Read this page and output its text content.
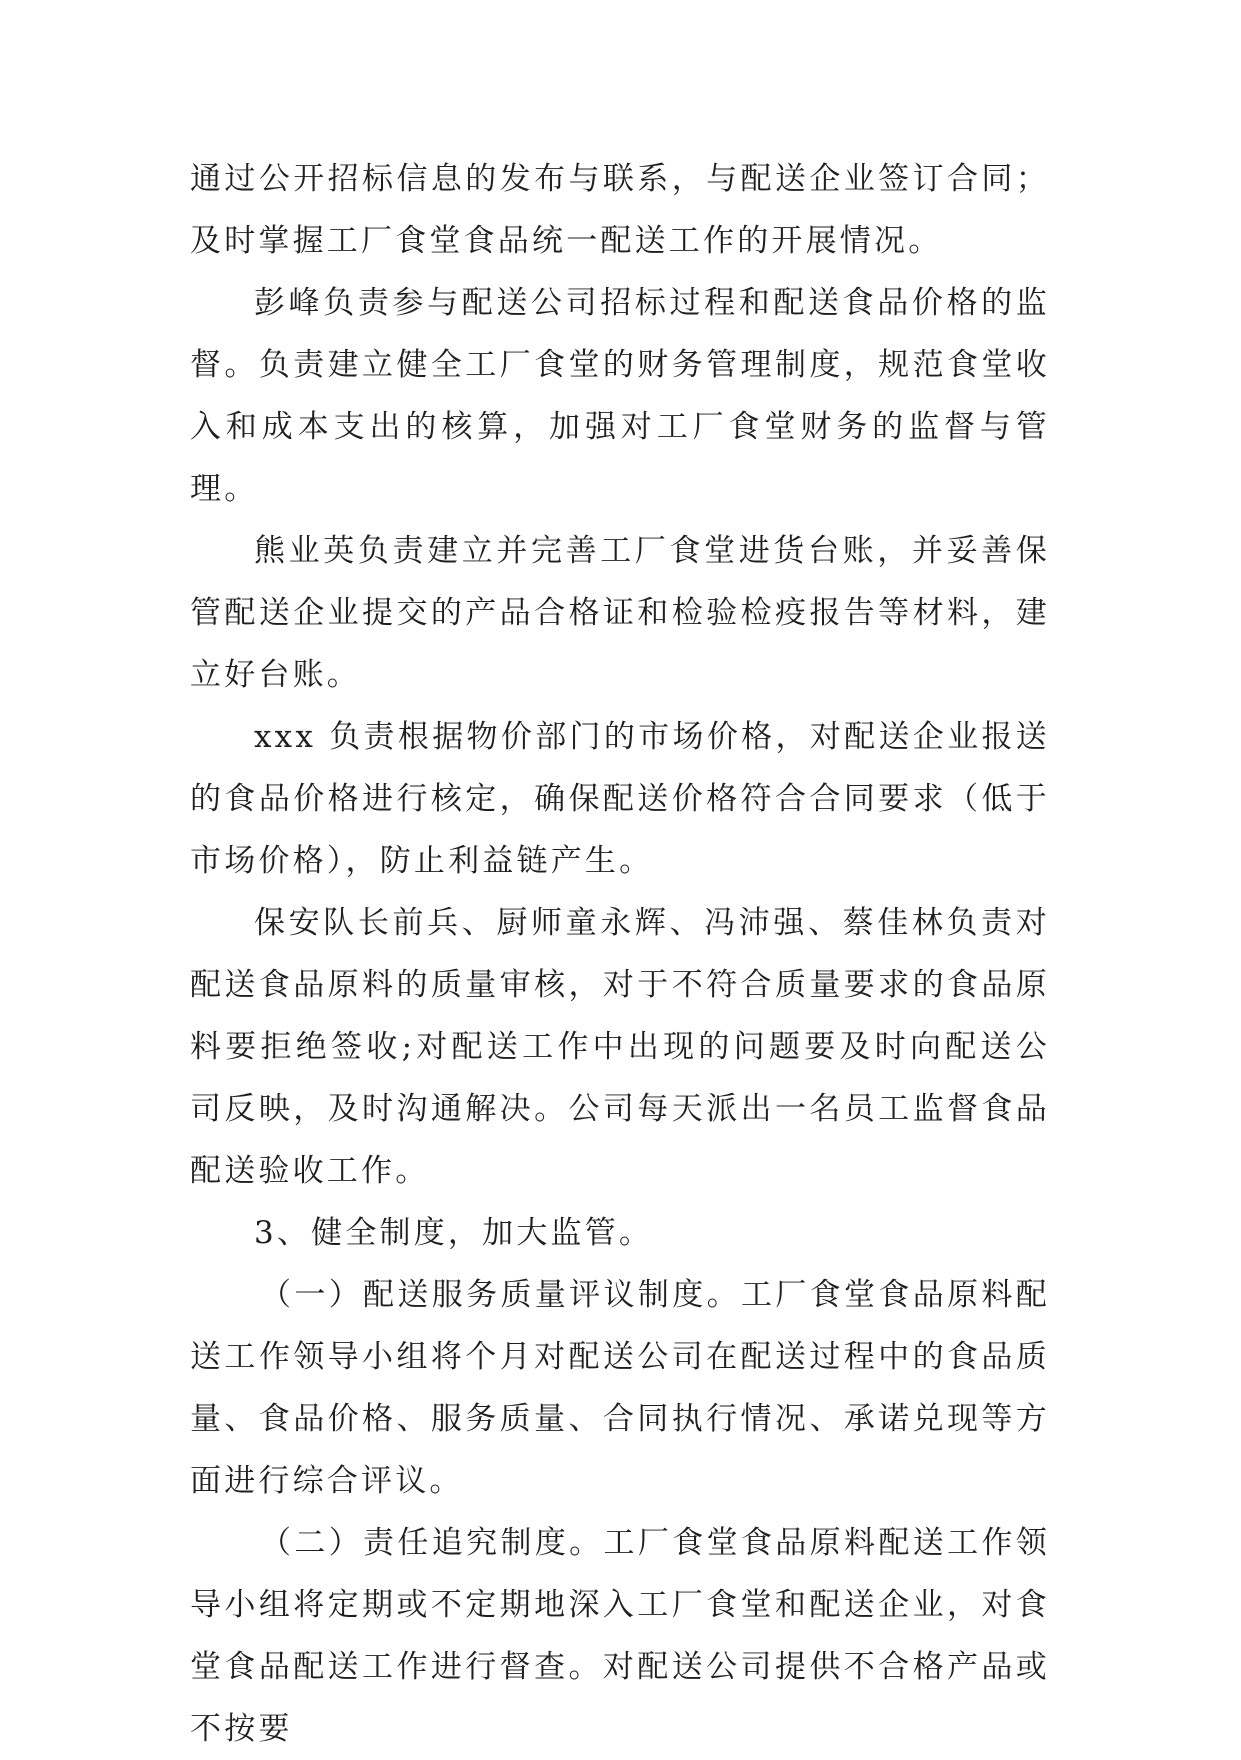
通过公开招标信息的发布与联系，与配送企业签订合同；及时掌握工厂食堂食品统一配送工作的开展情况。

彭峰负责参与配送公司招标过程和配送食品价格的监督。负责建立健全工厂食堂的财务管理制度，规范食堂收入和成本支出的核算，加强对工厂食堂财务的监督与管理。

熊业英负责建立并完善工厂食堂进货台账，并妥善保管配送企业提交的产品合格证和检验检疫报告等材料，建立好台账。

xxx 负责根据物价部门的市场价格，对配送企业报送的食品价格进行核定，确保配送价格符合合同要求（低于市场价格），防止利益链产生。

保安队长前兵、厨师童永辉、冯沛强、蔡佳林负责对配送食品原料的质量审核，对于不符合质量要求的食品原料要拒绝签收;对配送工作中出现的问题要及时向配送公司反映，及时沟通解决。公司每天派出一名员工监督食品配送验收工作。

3、健全制度，加大监管。

（一）配送服务质量评议制度。工厂食堂食品原料配送工作领导小组将个月对配送公司在配送过程中的食品质量、食品价格、服务质量、合同执行情况、承诺兑现等方面进行综合评议。

（二）责任追究制度。工厂食堂食品原料配送工作领导小组将定期或不定期地深入工厂食堂和配送企业，对食堂食品配送工作进行督查。对配送公司提供不合格产品或不按要
